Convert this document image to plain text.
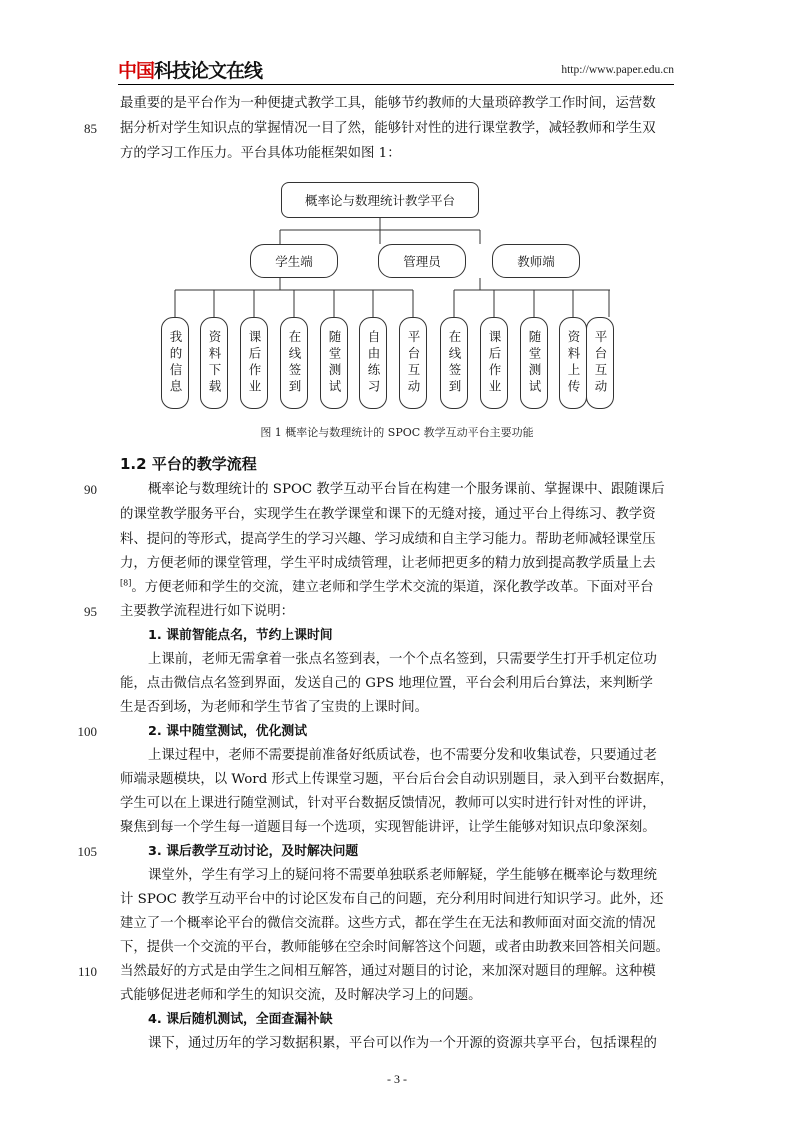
中国科技论文在线	http://www.paper.edu.cn
最重要的是平台作为一种便捷式教学工具，能够节约教师的大量琐碎教学工作时间，运营数
据分析对学生知识点的掌握情况一目了然，能够针对性的进行课堂教学，减轻教师和学生双
方的学习工作压力。平台具体功能框架如图 1：
85
概率论与数理统计教学平台
学生端	管理员	教师端
我的信息	资料下载	课后作业	在线签到	随堂测试	自由练习	平台互动	在线签到	课后作业	随堂测试	资料上传 平台互动
图 1 概率论与数理统计的 SPOC 教学互动平台主要功能
1.2 平台的教学流程
概率论与数理统计的 SPOC 教学互动平台旨在构建一个服务课前、掌握课中、跟随课后
的课堂教学服务平台，实现学生在教学课堂和课下的无缝对接，通过平台上得练习、教学资
料、提问的等形式，提高学生的学习兴趣、学习成绩和自主学习能力。帮助老师减轻课堂压
力，方便老师的课堂管理，学生平时成绩管理，让老师把更多的精力放到提高教学质量上去
[8]。方便老师和学生的交流，建立老师和学生学术交流的渠道，深化教学改革。下面对平台
主要教学流程进行如下说明：
90
95
1. 课前智能点名，节约上课时间
上课前，老师无需拿着一张点名签到表，一个个点名签到，只需要学生打开手机定位功
能，点击微信点名签到界面，发送自己的 GPS 地理位置，平台会利用后台算法，来判断学
生是否到场，为老师和学生节省了宝贵的上课时间。
2. 课中随堂测试，优化测试
100
上课过程中，老师不需要提前准备好纸质试卷，也不需要分发和收集试卷，只要通过老
师端录题模块，以 Word 形式上传课堂习题，平台后台会自动识别题目，录入到平台数据库，
学生可以在上课进行随堂测试，针对平台数据反馈情况，教师可以实时进行针对性的评讲，
聚焦到每一个学生每一道题目每一个选项，实现智能讲评，让学生能够对知识点印象深刻。
3. 课后教学互动讨论，及时解决问题
105
课堂外，学生有学习上的疑问将不需要单独联系老师解疑，学生能够在概率论与数理统
计 SPOC 教学互动平台中的讨论区发布自己的问题，充分利用时间进行知识学习。此外，还
建立了一个概率论平台的微信交流群。这些方式，都在学生在无法和教师面对面交流的情况
下，提供一个交流的平台，教师能够在空余时间解答这个问题，或者由助教来回答相关问题。
当然最好的方式是由学生之间相互解答，通过对题目的讨论，来加深对题目的理解。这种模
110
式能够促进老师和学生的知识交流，及时解决学习上的问题。
4. 课后随机测试，全面查漏补缺
课下，通过历年的学习数据积累，平台可以作为一个开源的资源共享平台，包括课程的
- 3 -
